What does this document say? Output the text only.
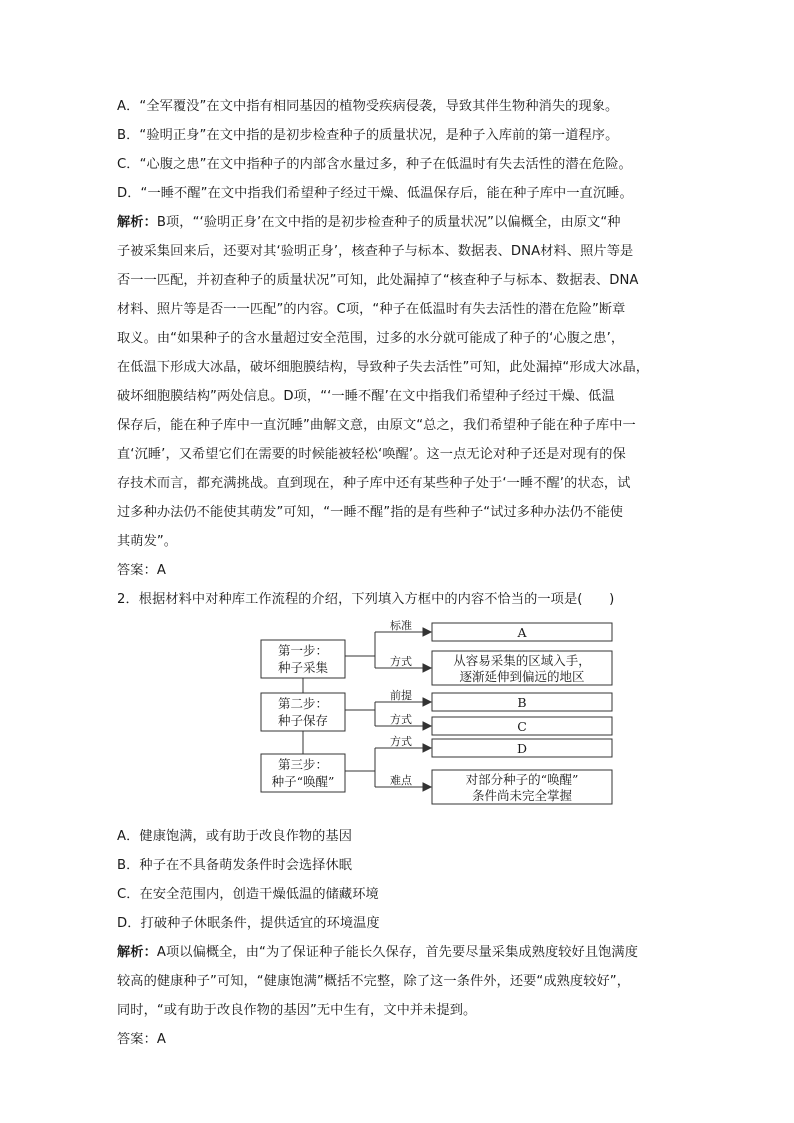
A．“全军覆没”在文中指有相同基因的植物受疾病侵袭，导致其伴生物种消失的现象。
B．“验明正身”在文中指的是初步检查种子的质量状况，是种子入库前的第一道程序。
C．“心腹之患”在文中指种子的内部含水量过多，种子在低温时有失去活性的潜在危险。
D．“一睡不醒”在文中指我们希望种子经过干燥、低温保存后，能在种子库中一直沉睡。
解析：B项，“‘验明正身’在文中指的是初步检查种子的质量状况”以偏概全，由原文“种
子被采集回来后，还要对其‘验明正身’，核查种子与标本、数据表、DNA材料、照片等是
否一一匹配，并初查种子的质量状况”可知，此处漏掉了“核查种子与标本、数据表、DNA
材料、照片等是否一一匹配”的内容。C项，“种子在低温时有失去活性的潜在危险”断章
取义。由“如果种子的含水量超过安全范围，过多的水分就可能成了种子的‘心腹之患’，
在低温下形成大冰晶，破坏细胞膜结构，导致种子失去活性”可知，此处漏掉“形成大冰晶，
破坏细胞膜结构”两处信息。D项，“‘一睡不醒’在文中指我们希望种子经过干燥、低温
保存后，能在种子库中一直沉睡”曲解文意，由原文“总之，我们希望种子能在种子库中一
直‘沉睡’，又希望它们在需要的时候能被轻松‘唤醒’。这一点无论对种子还是对现有的保
存技术而言，都充满挑战。直到现在，种子库中还有某些种子处于‘一睡不醒’的状态，试
过多种办法仍不能使其萌发”可知，“一睡不醒”指的是有些种子“试过多种办法仍不能使
其萌发”。
答案：A
2．根据材料中对种库工作流程的介绍，下列填入方框中的内容不恰当的一项是(　　)
第一步：
种子采集
第二步：
种子保存
第三步：
种子“唤醒”
标准
方式
前提
方式
方式
难点
A
从容易采集的区域入手，
逐渐延伸到偏远的地区
B
C
D
对部分种子的“唤醒”
条件尚未完全掌握
A．健康饱满，或有助于改良作物的基因
B．种子在不具备萌发条件时会选择休眠
C．在安全范围内，创造干燥低温的储藏环境
D．打破种子休眠条件，提供适宜的环境温度
解析：A项以偏概全，由“为了保证种子能长久保存，首先要尽量采集成熟度较好且饱满度
较高的健康种子”可知，“健康饱满”概括不完整，除了这一条件外，还要“成熟度较好”，
同时，“或有助于改良作物的基因”无中生有，文中并未提到。
答案：A
